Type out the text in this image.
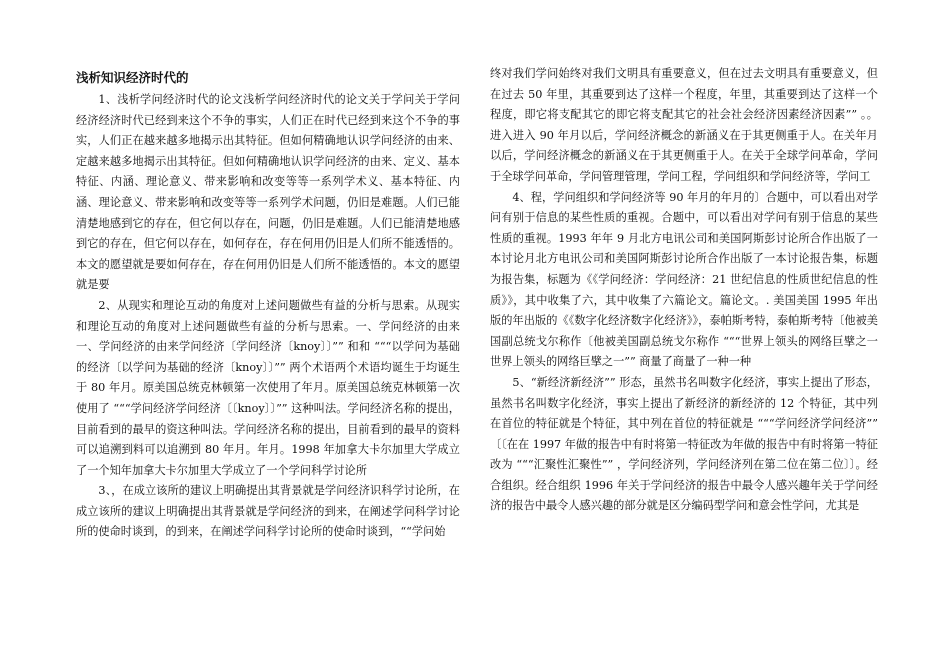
浅析知识经济时代的

1、浅析学问经济时代的论文浅析学问经济时代的论文关于学问关于学问经济经济时代已经到来这个不争的事实，人们正在时代已经到来这个不争的事实，人们正在越来越多地揭示出其特征。但如何精确地认识学问经济的由来、定越来越多地揭示出其特征。但如何精确地认识学问经济的由来、定义、基本特征、内涵、理论意义、带来影响和改变等等一系列学术义、基本特征、内涵、理论意义、带来影响和改变等等一系列学术问题，仍旧是难题。人们已能清楚地感到它的存在，但它何以存在，问题，仍旧是难题。人们已能清楚地感到它的存在，但它何以存在，如何存在，存在何用仍旧是人们所不能透悟的。本文的愿望就是要如何存在，存在何用仍旧是人们所不能透悟的。本文的愿望就是要

2、从现实和理论互动的角度对上述问题做些有益的分析与思索。从现实和理论互动的角度对上述问题做些有益的分析与思索。一、学问经济的由来一、学问经济的由来学问经济〔学问经济〔knoy〕〕”” 和和 “““以学问为基础的经济〔以学问为基础的经济〔knoy〕〕”” 两个术语两个术语均诞生于均诞生于 80 年月。原美国总统克林顿第一次使用了年月。原美国总统克林顿第一次使用了 “““学问经济学问经济〔〔knoy〕〕”” 这种叫法。学问经济名称的提出，目前看到的最早的资这种叫法。学问经济名称的提出，目前看到的最早的资料可以追溯到料可以追溯到 80 年月。年月。1998 年加拿大卡尔加里大学成立了一个知年加拿大卡尔加里大学成立了一个学问科学讨论所

3、，在成立该所的建议上明确提出其背景就是学问经济识科学讨论所，在成立该所的建议上明确提出其背景就是学问经济的到来，在阐述学问科学讨论所的使命时谈到，的到来，在阐述学问科学讨论所的使命时谈到，““学问始

终对我们学问始终对我们文明具有重要意义，但在过去文明具有重要意义，但在过去 50 年里，其重要到达了这样一个程度，年里，其重要到达了这样一个程度，即它将支配其它的即它将支配其它的社会社会经济因素经济因素”” 。。进入进入 90 年月以后，学问经济概念的新涵义在于其更侧重于人。在关年月以后，学问经济概念的新涵义在于其更侧重于人。在关于全球学问革命，学问于全球学问革命，学问管理管理，学问工程，学问组织和学问经济等，学问工

4、程，学问组织和学问经济等 90 年月的年月的〕合题中，可以看出对学问有别于信息的某些性质的重视。合题中，可以看出对学问有别于信息的某些性质的重视。1993 年年 9 月北方电讯公司和美国阿斯彭讨论所合作出版了一本讨论月北方电讯公司和美国阿斯彭讨论所合作出版了一本讨论报告集，标题为报告集，标题为《《学问经济：学问经济：21 世纪信息的性质世纪信息的性质》》，其中收集了六，其中收集了六篇论文。篇论文。. 美国美国 1995 年出版的年出版的《《数字化经济数字化经济》》，泰帕斯考特，泰帕斯考特〔他被美国副总统戈尔称作〔他被美国副总统戈尔称作 “““世界上领头的网络巨擘之一世界上领头的网络巨擘之一”” 商量了商量了一种一种

5、“新经济新经济”” 形态，虽然书名叫数字化经济，事实上提出了形态，虽然书名叫数字化经济，事实上提出了新经济的新经济的 12 个特征，其中列在首位的特征就是个特征，其中列在首位的特征就是 “““学问经济学问经济”” 〔〔在在 1997 年做的报告中有时将第一特征改为年做的报告中有时将第一特征改为 “““汇聚性汇聚性”” ，学问经济列，学问经济列在第二位在第二位〕〕。经合组织。经合组织 1996 年关于学问经济的报告中最令人感兴趣年关于学问经济的报告中最令人感兴趣的部分就是区分编码型学问和意会性学问，尤其是
